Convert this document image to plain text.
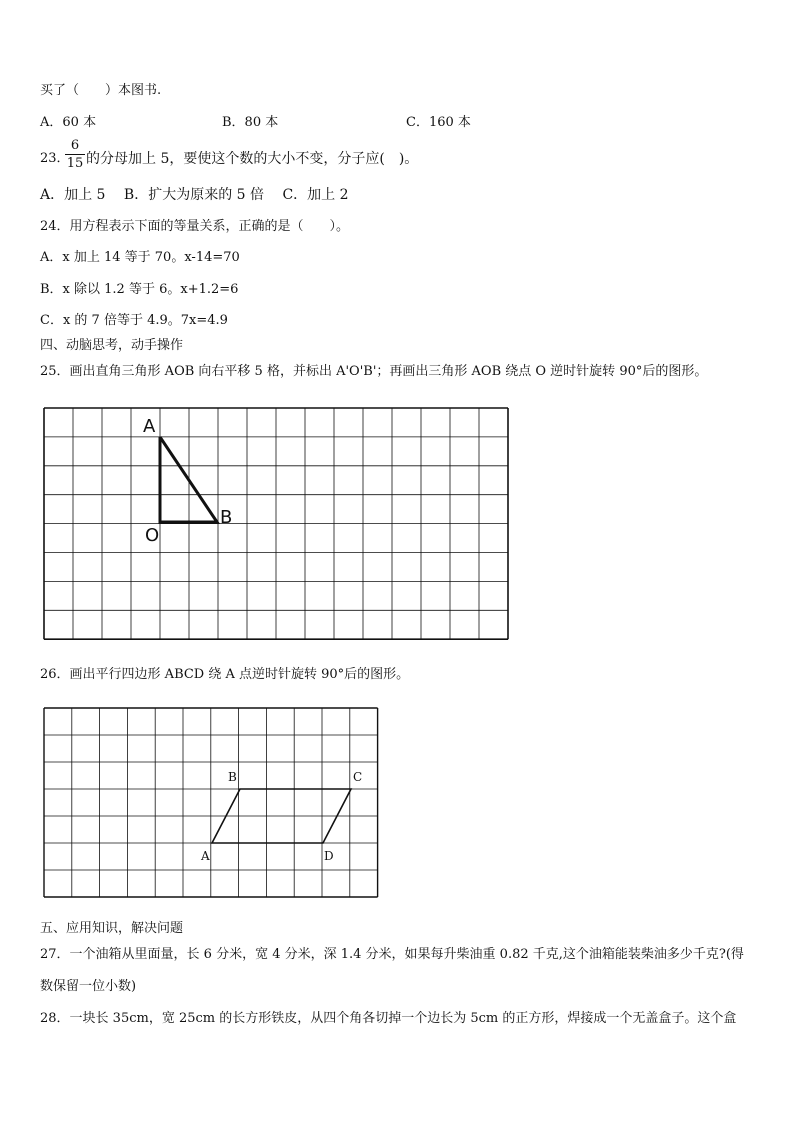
买了（　　）本图书.
A．60 本	B．80 本	C．160 本
23．
6
15 的分母加上 5，要使这个数的大小不变，分子应(　)。
A．加上 5　 B．扩大为原来的 5 倍　 C．加上 2
24．用方程表示下面的等量关系，正确的是（　　）。
A．x 加上 14 等于 70。x-14=70
B．x 除以 1.2 等于 6。x+1.2=6
C．x 的 7 倍等于 4.9。7x=4.9
四、动脑思考，动手操作
25．画出直角三角形 AOB 向右平移 5 格，并标出 A'O'B'；再画出三角形 AOB 绕点 O 逆时针旋转 90°后的图形。
A
O
B
26．画出平行四边形 ABCD 绕 A 点逆时针旋转 90°后的图形。
A
B	C
D
五、应用知识，解决问题
27．一个油箱从里面量，长 6 分米，宽 4 分米，深 1.4 分米，如果每升柴油重 0.82 千克,这个油箱能装柴油多少千克?(得
数保留一位小数)
28．一块长 35cm，宽 25cm 的长方形铁皮，从四个角各切掉一个边长为 5cm 的正方形，焊接成一个无盖盒子。这个盒
